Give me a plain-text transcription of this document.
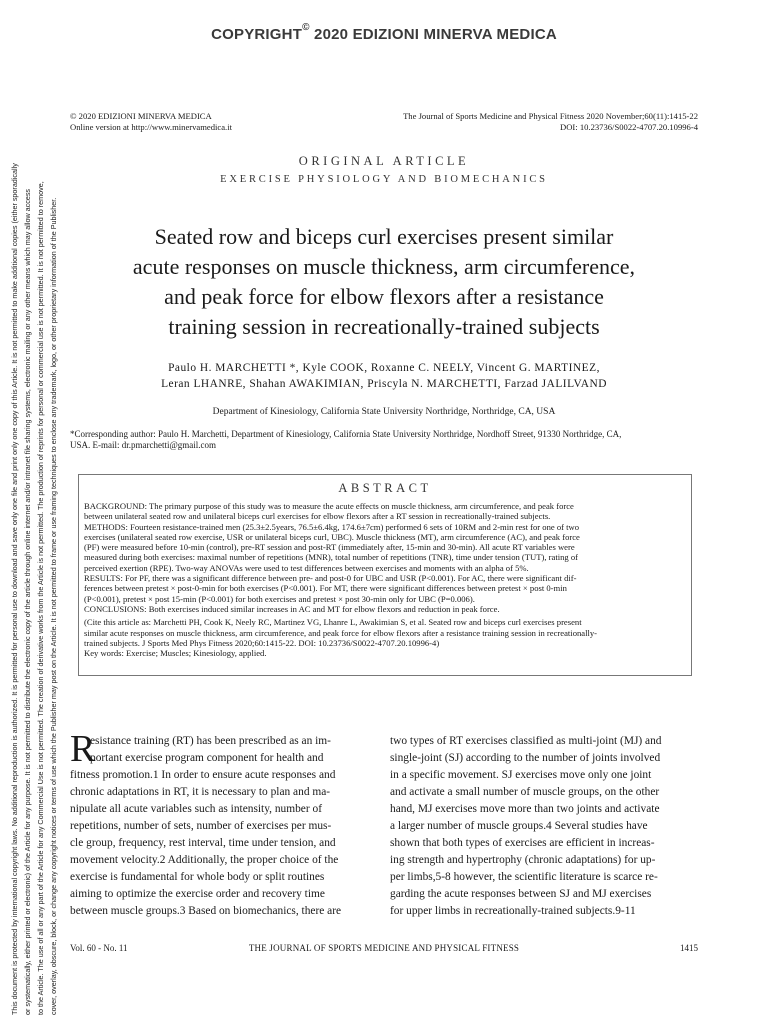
COPYRIGHT© 2020 EDIZIONI MINERVA MEDICA
This document is protected by international copyright laws. No additional reproduction is authorized. It is permitted for personal use to download and save only one file and print only one copy of this Article. It is not permitted to make additional copies (either sporadically or systematically, either printed or electronic) of the Article for any purpose. It is not permitted to distribute the electronic copy of the article through online internet and/or intranet file sharing systems, electronic mailing or any other means which may allow access to the Article. The use of all or any part of the Article for any Commercial Use is not permitted. The creation of derivative works from the Article is not permitted. The production of reprints for personal or commercial use is not permitted. It is not permitted to remove, cover, overlay, obscure, block, or change any copyright notices or terms of use which the Publisher may post on the Article. It is not permitted to frame or use framing techniques to enclose any trademark, logo, or other proprietary information of the Publisher.
© 2020 EDIZIONI MINERVA MEDICA
Online version at http://www.minervamedica.it
The Journal of Sports Medicine and Physical Fitness 2020 November;60(11):1415-22
DOI: 10.23736/S0022-4707.20.10996-4
ORIGINAL ARTICLE
EXERCISE PHYSIOLOGY AND BIOMECHANICS
Seated row and biceps curl exercises present similar
acute responses on muscle thickness, arm circumference,
and peak force for elbow flexors after a resistance
training session in recreationally-trained subjects
Paulo H. MARCHETTI *, Kyle COOK, Roxanne C. NEELY, Vincent G. MARTINEZ,
Leran LHANRE, Shahan AWAKIMIAN, Priscyla N. MARCHETTI, Farzad JALILVAND
Department of Kinesiology, California State University Northridge, Northridge, CA, USA
*Corresponding author: Paulo H. Marchetti, Department of Kinesiology, California State University Northridge, Nordhoff Street, 91330 Northridge, CA,
USA. E-mail: dr.pmarchetti@gmail.com
ABSTRACT
BACKGROUND: The primary purpose of this study was to measure the acute effects on muscle thickness, arm circumference, and peak force
between unilateral seated row and unilateral biceps curl exercises for elbow flexors after a RT session in recreationally-trained subjects.
METHODS: Fourteen resistance-trained men (25.3±2.5years, 76.5±6.4kg, 174.6±7cm) performed 6 sets of 10RM and 2-min rest for one of two
exercises (unilateral seated row exercise, USR or unilateral biceps curl, UBC). Muscle thickness (MT), arm circumference (AC), and peak force
(PF) were measured before 10-min (control), pre-RT session and post-RT (immediately after, 15-min and 30-min). All acute RT variables were
measured during both exercises: maximal number of repetitions (MNR), total number of repetitions (TNR), time under tension (TUT), rating of
perceived exertion (RPE). Two-way ANOVAs were used to test differences between exercises and moments with an alpha of 5%.
RESULTS: For PF, there was a significant difference between pre- and post-0 for UBC and USR (P<0.001). For AC, there were significant dif-
ferences between pretest × post-0-min for both exercises (P<0.001). For MT, there were significant differences between pretest × post 0-min
(P<0.001), pretest × post 15-min (P<0.001) for both exercises and pretest × post 30-min only for UBC (P=0.006).
CONCLUSIONS: Both exercises induced similar increases in AC and MT for elbow flexors and reduction in peak force.
(Cite this article as: Marchetti PH, Cook K, Neely RC, Martinez VG, Lhanre L, Awakimian S, et al. Seated row and biceps curl exercises present
similar acute responses on muscle thickness, arm circumference, and peak force for elbow flexors after a resistance training session in recreationally-
trained subjects. J Sports Med Phys Fitness 2020;60:1415-22. DOI: 10.23736/S0022-4707.20.10996-4)
Key words: Exercise; Muscles; Kinesiology, applied.
R
esistance training (RT) has been prescribed as an im-
portant exercise program component for health and
fitness promotion.1 In order to ensure acute responses and
chronic adaptations in RT, it is necessary to plan and ma-
nipulate all acute variables such as intensity, number of
repetitions, number of sets, number of exercises per mus-
cle group, frequency, rest interval, time under tension, and
movement velocity.2 Additionally, the proper choice of the
exercise is fundamental for whole body or split routines
aiming to optimize the exercise order and recovery time
between muscle groups.3 Based on biomechanics, there are
two types of RT exercises classified as multi-joint (MJ) and
single-joint (SJ) according to the number of joints involved
in a specific movement. SJ exercises move only one joint
and activate a small number of muscle groups, on the other
hand, MJ exercises move more than two joints and activate
a larger number of muscle groups.4 Several studies have
shown that both types of exercises are efficient in increas-
ing strength and hypertrophy (chronic adaptations) for up-
per limbs,5-8 however, the scientific literature is scarce re-
garding the acute responses between SJ and MJ exercises
for upper limbs in recreationally-trained subjects.9-11
Vol. 60 - No. 11	THE JOURNAL OF SPORTS MEDICINE AND PHYSICAL FITNESS	1415
